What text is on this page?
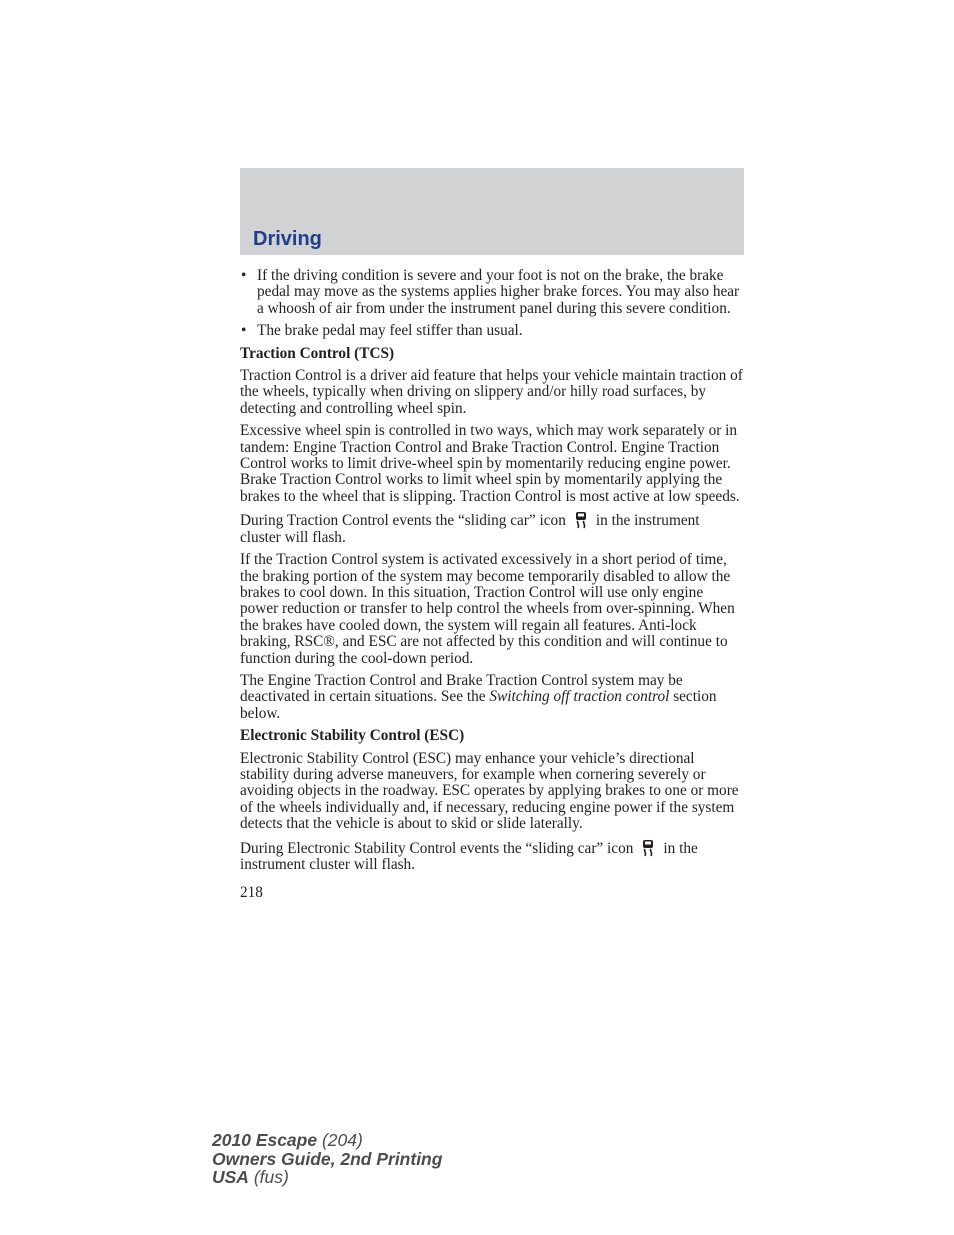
Driving
• If the driving condition is severe and your foot is not on the brake, the brake pedal may move as the systems applies higher brake forces. You may also hear a whoosh of air from under the instrument panel during this severe condition.
• The brake pedal may feel stiffer than usual.
Traction Control (TCS)

Traction Control is a driver aid feature that helps your vehicle maintain traction of the wheels, typically when driving on slippery and/or hilly road surfaces, by detecting and controlling wheel spin.

Excessive wheel spin is controlled in two ways, which may work separately or in tandem: Engine Traction Control and Brake Traction Control. Engine Traction Control works to limit drive-wheel spin by momentarily reducing engine power. Brake Traction Control works to limit wheel spin by momentarily applying the brakes to the wheel that is slipping. Traction Control is most active at low speeds.

During Traction Control events the “sliding car” icon in the instrument cluster will flash.

If the Traction Control system is activated excessively in a short period of time, the braking portion of the system may become temporarily disabled to allow the brakes to cool down. In this situation, Traction Control will use only engine power reduction or transfer to help control the wheels from over-spinning. When the brakes have cooled down, the system will regain all features. Anti-lock braking, RSC®, and ESC are not affected by this condition and will continue to function during the cool-down period.

The Engine Traction Control and Brake Traction Control system may be deactivated in certain situations. See the Switching off traction control section below.

Electronic Stability Control (ESC)

Electronic Stability Control (ESC) may enhance your vehicle’s directional stability during adverse maneuvers, for example when cornering severely or avoiding objects in the roadway. ESC operates by applying brakes to one or more of the wheels individually and, if necessary, reducing engine power if the system detects that the vehicle is about to skid or slide laterally.

During Electronic Stability Control events the “sliding car” icon in the instrument cluster will flash.

218
2010 Escape (204)
Owners Guide, 2nd Printing
USA (fus)
